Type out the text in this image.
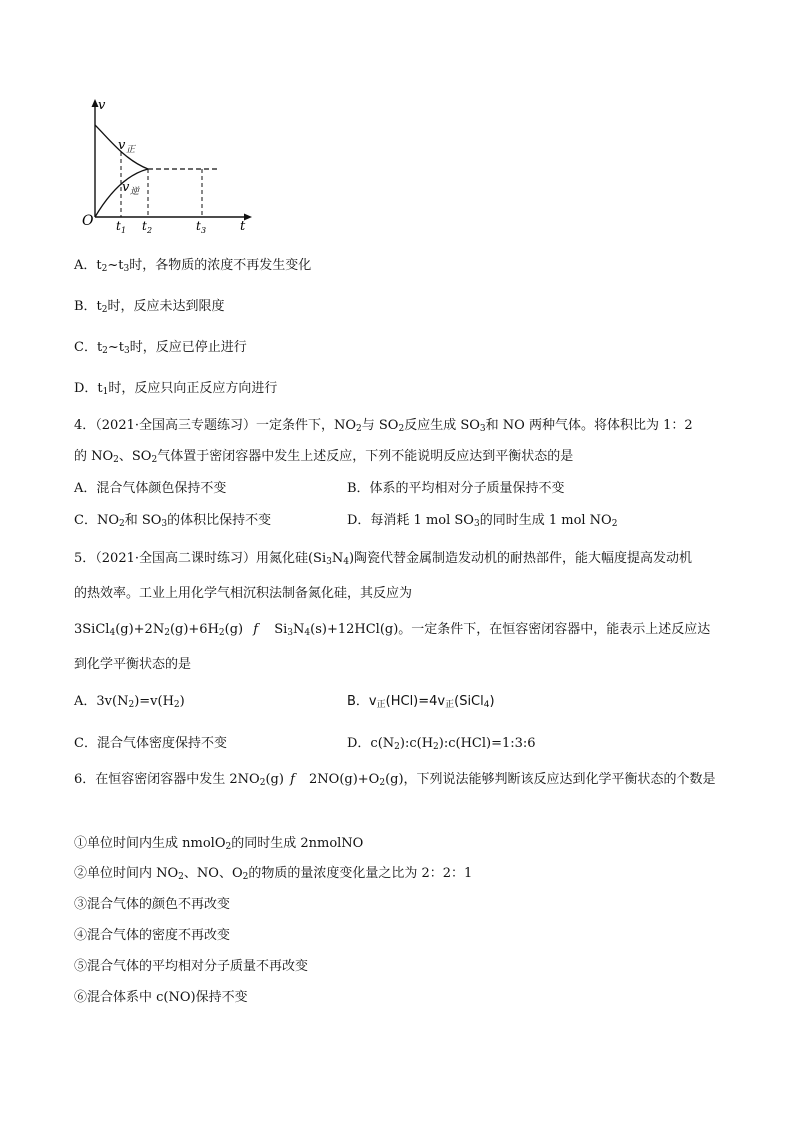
v
t
O
v 正
v 逆
t 1 t 2	t 3
A．$t_2\sim t_3$时，各物质的浓度不再发生变化
B．$t_2$时，反应未达到限度
C．$t_2\sim t_3$时，反应已停止进行
D．$t_1$时，反应只向正反应方向进行
4．（2021·全国高三专题练习）一定条件下，$NO_2$与 $SO_2$反应生成 $SO_3$和 NO 两种气体。将体积比为 1：2
的 $NO_2$、$SO_2$气体置于密闭容器中发生上述反应，下列不能说明反应达到平衡状态的是
A．混合气体颜色保持不变	B．体系的平均相对分子质量保持不变
C．$NO_2$和 $SO_3$的体积比保持不变	D．每消耗 1 mol $SO_3$的同时生成 1 mol $NO_2$
5．（2021·全国高二课时练习）用氮化硅$(Si_3N_4)$陶瓷代替金属制造发动机的耐热部件，能大幅度提高发动机
的热效率。工业上用化学气相沉积法制备氮化硅，其反应为
$3SiCl_4(g)+2N_2(g)+6H_2(g)$ f $Si_3N_4(s)+12HCl(g)$。一定条件下，在恒容密闭容器中，能表示上述反应达
到化学平衡状态的是
A．$3v(N_2)=v(H_2)$	B．$v_正(HCl)=4v_正(SiCl_4)$
C．混合气体密度保持不变	D．$c(N_2):c(H_2):c(HCl)=1:3:6$
6．在恒容密闭容器中发生 $2NO_2(g)$ f $2NO(g)+O_2(g)$，下列说法能够判断该反应达到化学平衡状态的个数是
①单位时间内生成 nmolO$_2$的同时生成 2nmolNO
②单位时间内 $NO_2$、NO、$O_2$的物质的量浓度变化量之比为 2：2：1
③混合气体的颜色不再改变
④混合气体的密度不再改变
⑤混合气体的平均相对分子质量不再改变
⑥混合体系中 c(NO)保持不变
